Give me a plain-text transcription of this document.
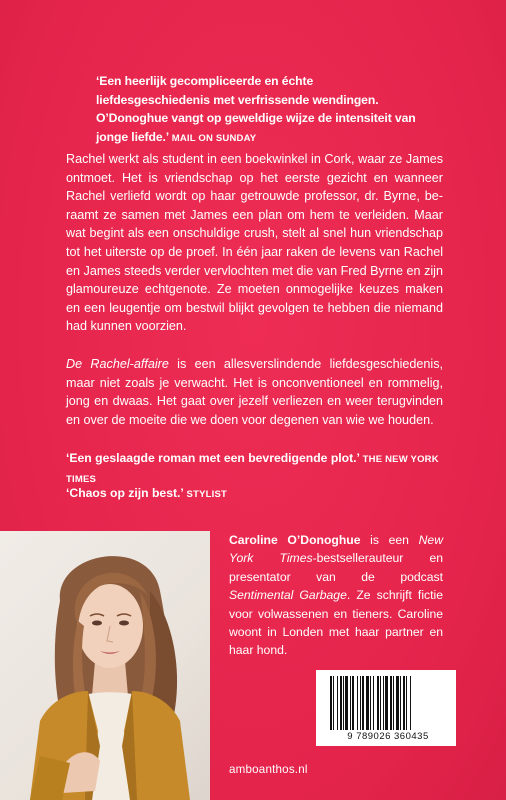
‘Een heerlijk gecompliceerde en échte liefdesgeschiedenis met verfrissende wendingen. O’Donoghue vangt op geweldige wijze de intensiteit van jonge liefde.’ MAIL ON SUNDAY
Rachel werkt als student in een boekwinkel in Cork, waar ze James ontmoet. Het is vriendschap op het eerste gezicht en wanneer Rachel verliefd wordt op haar getrouwde professor, dr. Byrne, be- raamt ze samen met James een plan om hem te verleiden. Maar wat begint als een onschuldige crush, stelt al snel hun vriendschap tot het uiterste op de proef. In één jaar raken de levens van Rachel en James steeds verder vervlochten met die van Fred Byrne en zijn glamoureuze echtgenote. Ze moeten onmogelijke keuzes maken en een leugentje om bestwil blijkt gevolgen te hebben die niemand had kunnen voorzien.
De Rachel-affaire is een allesverslindende liefdesgeschiedenis, maar niet zoals je verwacht. Het is onconventioneel en rommelig, jong en dwaas. Het gaat over jezelf verliezen en weer terugvinden en over de moeite die we doen voor degenen van wie we houden.
‘Een geslaagde roman met een bevredigende plot.’ THE NEW YORK TIMES
‘Chaos op zijn best.’ STYLIST
Caroline O’Donoghue is een New York Times-bestsellerauteur en presentator van de podcast Sentimental Garbage. Ze schrijft fictie voor volwassenen en tieners. Caroline woont in Londen met haar partner en haar hond.
9 789026 360435
amboanthos.nl
